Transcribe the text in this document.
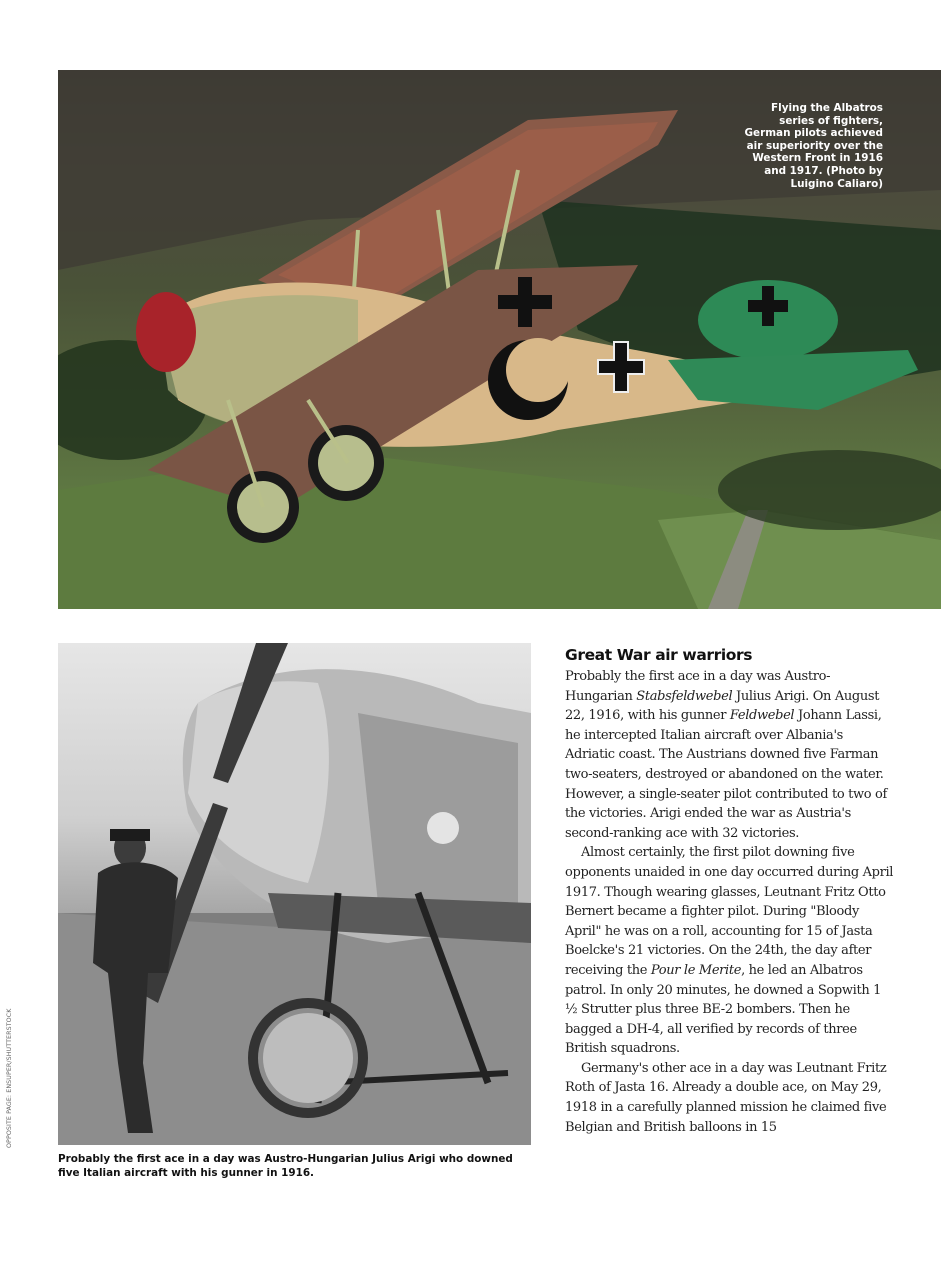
Flying the Albatros series of fighters, German pilots achieved air superiority over the Western Front in 1916 and 1917. (Photo by Luigino Caliaro)
Probably the first ace in a day was Austro-Hungarian Julius Arigi who downed five Italian aircraft with his gunner in 1916.
OPPOSITE PAGE: ENSUPER/SHUTTERSTOCK
Great War air warriors

Probably the first ace in a day was Austro-Hungarian Stabsfeldwebel Julius Arigi. On August 22, 1916, with his gunner Feldwebel Johann Lassi, he intercepted Italian aircraft over Albania's Adriatic coast. The Austrians downed five Farman two-seaters, destroyed or abandoned on the water. However, a single-seater pilot contributed to two of the victories. Arigi ended the war as Austria's second-ranking ace with 32 victories.

Almost certainly, the first pilot downing five opponents unaided in one day occurred during April 1917. Though wearing glasses, Leutnant Fritz Otto Bernert became a fighter pilot. During "Bloody April" he was on a roll, accounting for 15 of Jasta Boelcke's 21 victories. On the 24th, the day after receiving the Pour le Merite, he led an Albatros patrol. In only 20 minutes, he downed a Sopwith 1 ½ Strutter plus three BE-2 bombers. Then he bagged a DH-4, all verified by records of three British squadrons.

Germany's other ace in a day was Leutnant Fritz Roth of Jasta 16. Already a double ace, on May 29, 1918 in a carefully planned mission he claimed five Belgian and British balloons in 15
